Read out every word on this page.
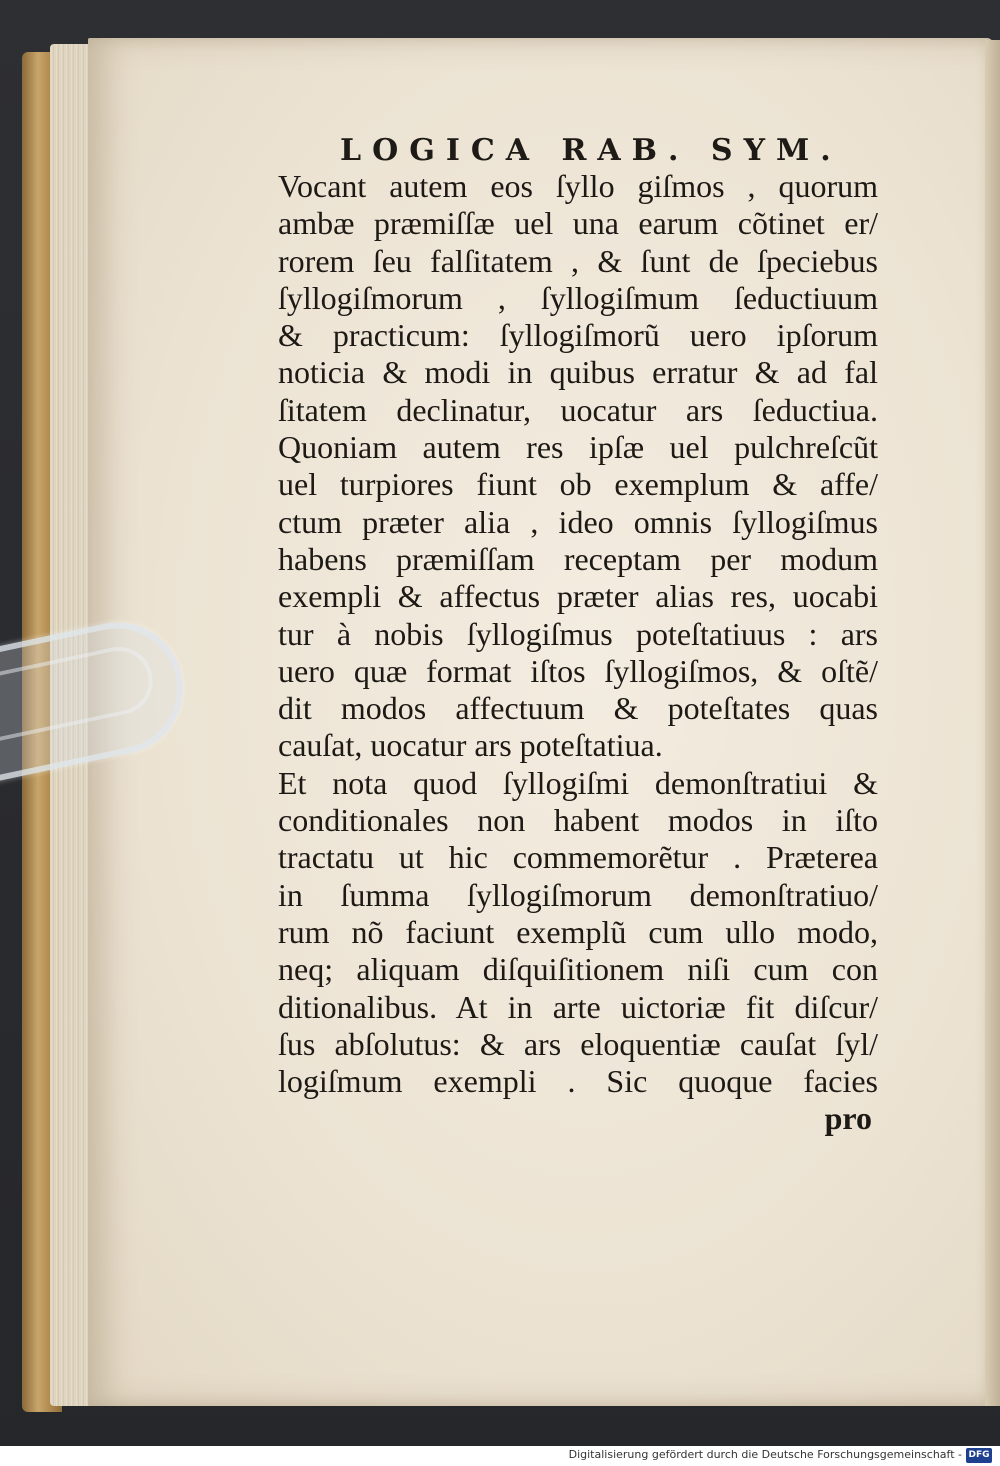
LOGICA RAB. SYM.
Vocant autem eos ſyllo giſmos , quorum
ambæ præmiſſæ uel una earum cõtinet er/
rorem ſeu falſitatem , & ſunt de ſpeciebus
ſyllogiſmorum , ſyllogiſmum ſeductiuum
& practicum: ſyllogiſmorũ uero ipſorum
noticia & modi in quibus erratur & ad fal
ſitatem declinatur, uocatur ars ſeductiua.
Quoniam autem res ipſæ uel pulchreſcũt
uel turpiores fiunt ob exemplum & affe/
ctum præter alia , ideo omnis ſyllogiſmus
habens præmiſſam receptam per modum
exempli & affectus præter alias res, uocabi
tur à nobis ſyllogiſmus poteſtatiuus : ars
uero quæ format iſtos ſyllogiſmos, & oſtẽ/
dit modos affectuum & poteſtates quas
cauſat, uocatur ars poteſtatiua.
Et nota quod ſyllogiſmi demonſtratiui &
conditionales non habent modos in iſto
tractatu ut hic commemorẽtur . Præterea
in ſumma ſyllogiſmorum demonſtratiuo/
rum nõ faciunt exemplũ cum ullo modo,
neq; aliquam diſquiſitionem niſi cum con
ditionalibus. At in arte uictoriæ fit diſcur/
ſus abſolutus: & ars eloquentiæ cauſat ſyl/
logiſmum exempli . Sic quoque facies
pro
Digitalisierung gefördert durch die Deutsche Forschungsgemeinschaft - DFG
